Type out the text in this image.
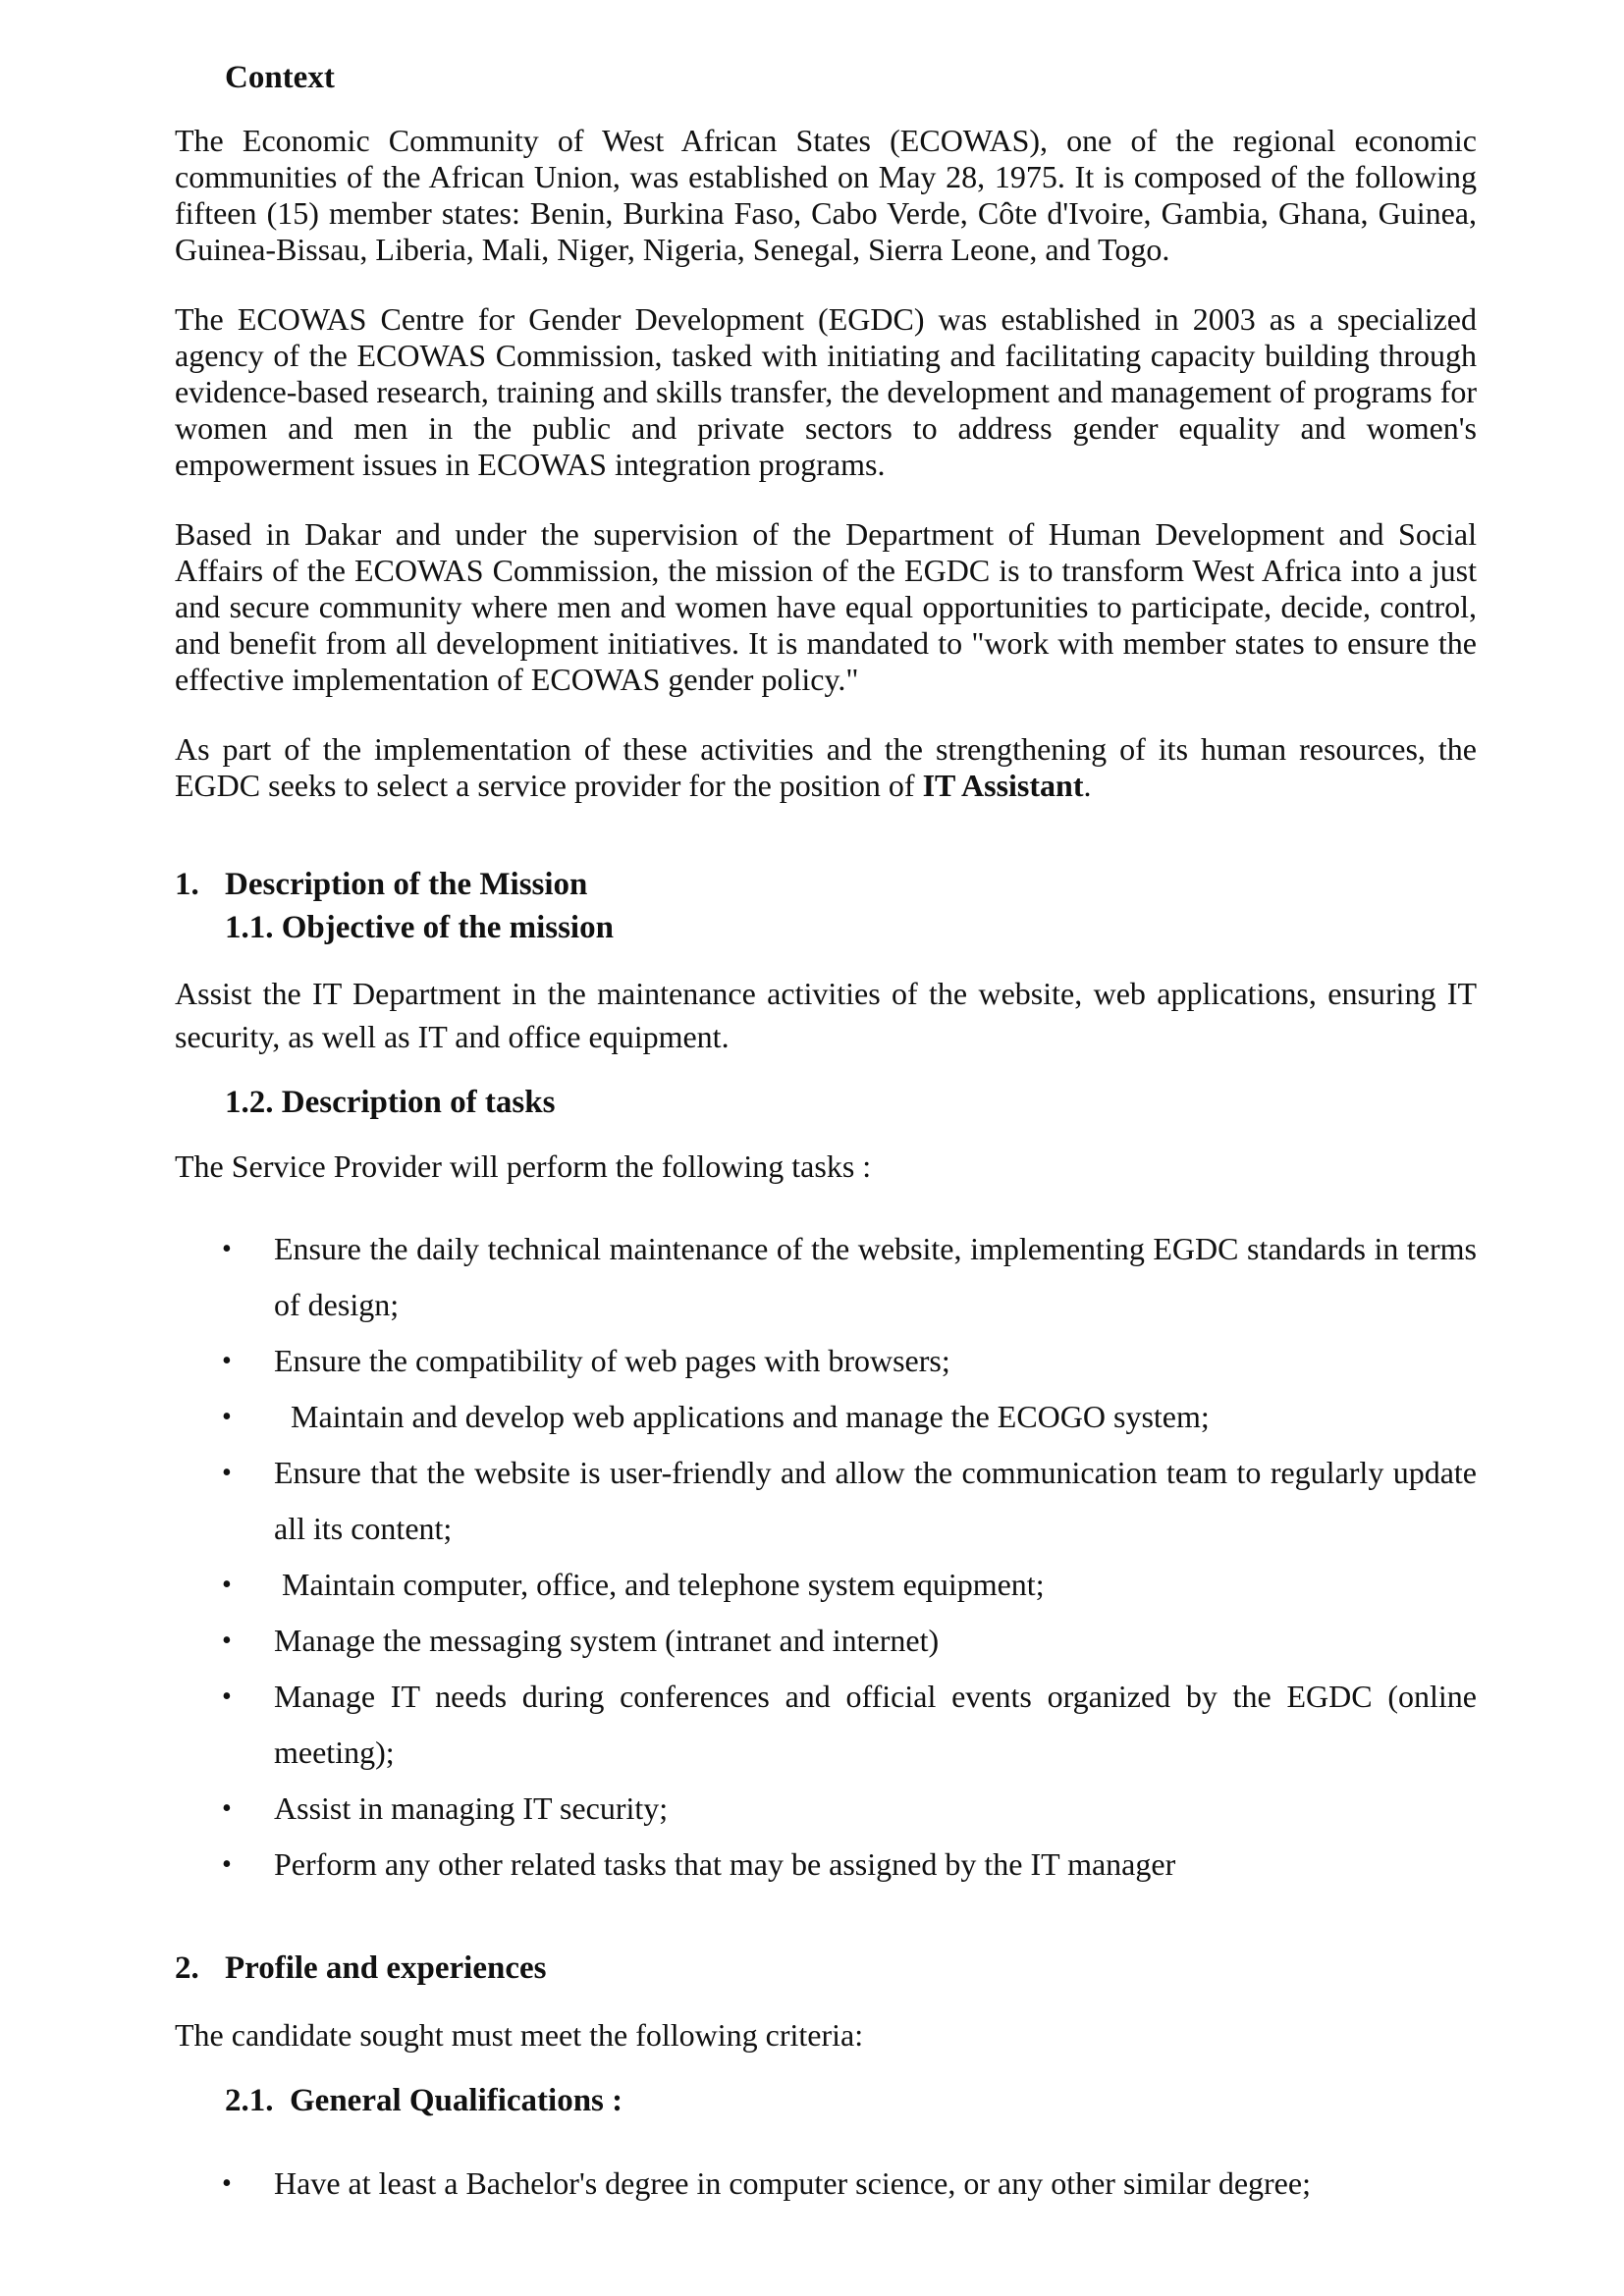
Context

The Economic Community of West African States (ECOWAS), one of the regional economic communities of the African Union, was established on May 28, 1975. It is composed of the following fifteen (15) member states: Benin, Burkina Faso, Cabo Verde, Côte d'Ivoire, Gambia, Ghana, Guinea, Guinea-Bissau, Liberia, Mali, Niger, Nigeria, Senegal, Sierra Leone, and Togo.

The ECOWAS Centre for Gender Development (EGDC) was established in 2003 as a specialized agency of the ECOWAS Commission, tasked with initiating and facilitating capacity building through evidence-based research, training and skills transfer, the development and management of programs for women and men in the public and private sectors to address gender equality and women's empowerment issues in ECOWAS integration programs.

Based in Dakar and under the supervision of the Department of Human Development and Social Affairs of the ECOWAS Commission, the mission of the EGDC is to transform West Africa into a just and secure community where men and women have equal opportunities to participate, decide, control, and benefit from all development initiatives. It is mandated to "work with member states to ensure the effective implementation of ECOWAS gender policy."

As part of the implementation of these activities and the strengthening of its human resources, the EGDC seeks to select a service provider for the position of IT Assistant.

1. Description of the Mission
1.1. Objective of the mission

Assist the IT Department in the maintenance activities of the website, web applications, ensuring IT security, as well as IT and office equipment.

1.2. Description of tasks

The Service Provider will perform the following tasks :

• Ensure the daily technical maintenance of the website, implementing EGDC standards in terms of design;
• Ensure the compatibility of web pages with browsers;
• Maintain and develop web applications and manage the ECOGO system;
• Ensure that the website is user-friendly and allow the communication team to regularly update all its content;
• Maintain computer, office, and telephone system equipment;
• Manage the messaging system (intranet and internet)
• Manage IT needs during conferences and official events organized by the EGDC (online meeting);
• Assist in managing IT security;
• Perform any other related tasks that may be assigned by the IT manager
2. Profile and experiences

The candidate sought must meet the following criteria:

2.1. General Qualifications :
• Have at least a Bachelor's degree in computer science, or any other similar degree;
